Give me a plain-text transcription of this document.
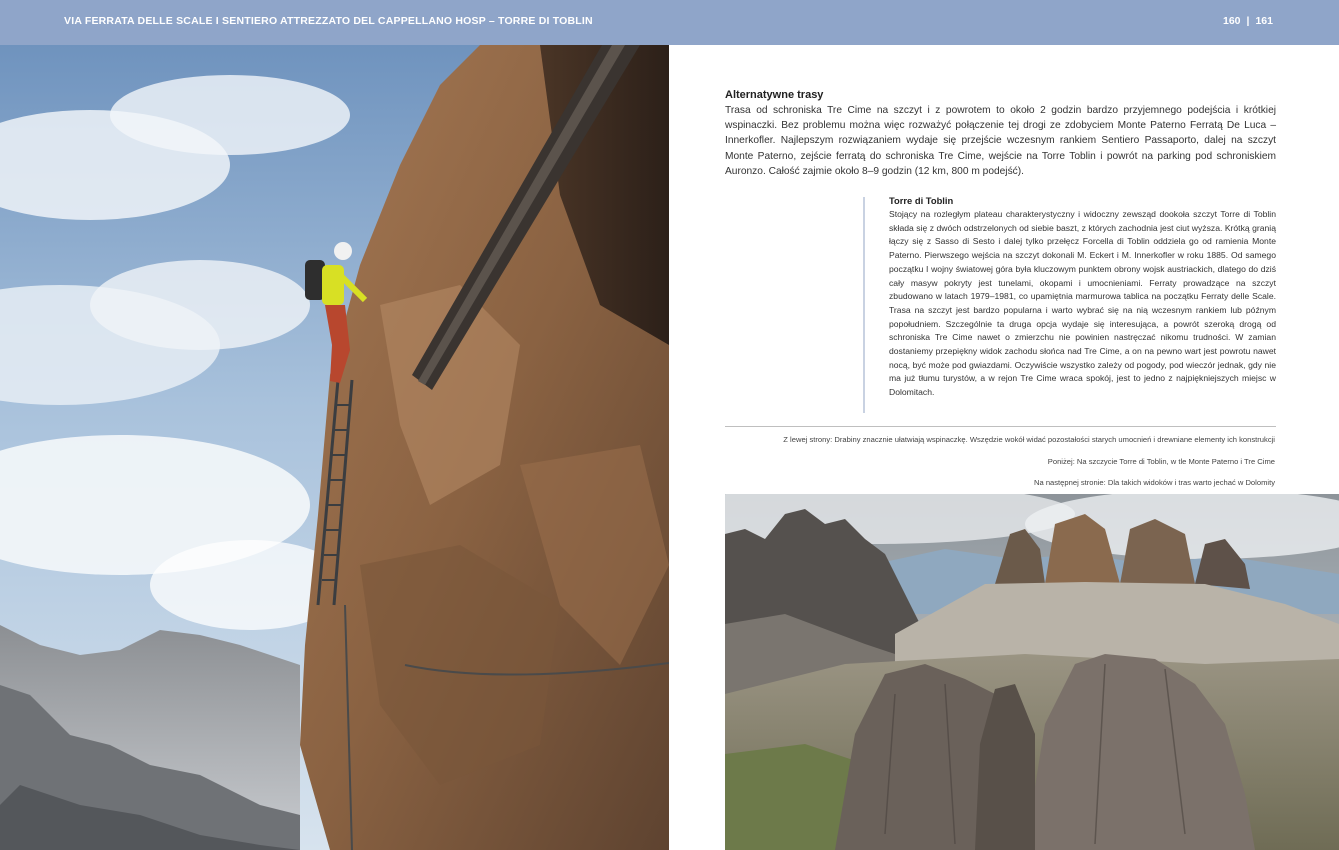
VIA FERRATA DELLE SCALE I SENTIERO ATTREZZATO DEL CAPPELLANO HOSP – TORRE DI TOBLIN	160 | 161
Alternatywne trasy
Trasa od schroniska Tre Cime na szczyt i z powrotem to około 2 godzin bardzo przyjemnego podejścia i krótkiej wspinaczki. Bez problemu można więc rozważyć połączenie tej drogi ze zdobyciem Monte Paterno Ferratą De Luca – Innerkofler. Najlepszym rozwiązaniem wydaje się przejście wczesnym rankiem Sentiero Passaporto, dalej na szczyt Monte Paterno, zejście ferratą do schroniska Tre Cime, wejście na Torre Toblin i powrót na parking pod schroniskiem Auronzo. Całość zajmie około 8–9 godzin (12 km, 800 m podejść).
Torre di Toblin
Stojący na rozległym plateau charakterystyczny i widoczny zewsząd dookoła szczyt Torre di Toblin składa się z dwóch odstrzelonych od siebie baszt, z których zachodnia jest ciut wyższa. Krótką granią łączy się z Sasso di Sesto i dalej tylko przełęcz Forcella di Toblin oddziela go od ramienia Monte Paterno. Pierwszego wejścia na szczyt dokonali M. Eckert i M. Innerkofler w roku 1885. Od samego początku I wojny światowej góra była kluczowym punktem obrony wojsk austriackich, dlatego do dziś cały masyw pokryty jest tunelami, okopami i umocnieniami. Ferraty prowadzące na szczyt zbudowano w latach 1979–1981, co upamiętnia marmurowa tablica na początku Ferraty delle Scale. Trasa na szczyt jest bardzo popularna i warto wybrać się na nią wczesnym rankiem lub późnym popołudniem. Szczególnie ta druga opcja wydaje się interesująca, a powrót szeroką drogą od schroniska Tre Cime nawet o zmierzchu nie powinien nastręczać nikomu trudności. W zamian dostaniemy przepiękny widok zachodu słońca nad Tre Cime, a on na pewno wart jest powrotu nawet nocą, być może pod gwiazdami. Oczywiście wszystko zależy od pogody, pod wieczór jednak, gdy nie ma już tłumu turystów, a w rejon Tre Cime wraca spokój, jest to jedno z najpiękniejszych miejsc w Dolomitach.
Z lewej strony: Drabiny znacznie ułatwiają wspinaczkę. Wszędzie wokół widać pozostałości starych umocnień i drewniane elementy ich konstrukcji
Poniżej: Na szczycie Torre di Toblin, w tle Monte Paterno i Tre Cime
Na następnej stronie: Dla takich widoków i tras warto jechać w Dolomity
